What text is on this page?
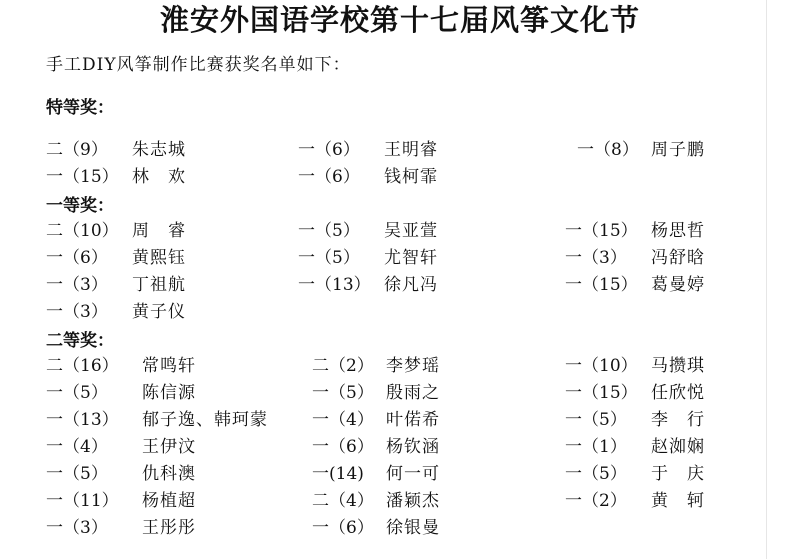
淮安外国语学校第十七届风筝文化节
手工DIY风筝制作比赛获奖名单如下：
特等奖：
二（9） 朱志城	一（6） 王明睿	一（8） 周子鹏
一（15） 林　欢	一（6） 钱柯霏
一等奖：
二（10） 周　睿	一（5） 吴亚萱	一（15） 杨思哲
一（6） 黄熙钰	一（5） 尤智轩	一（3） 冯舒晗
一（3） 丁祖航	一（13） 徐凡冯	一（15） 葛曼婷
一（3） 黄子仪
二等奖：
二（16） 常鸣轩	二（2） 李梦瑶	一（10） 马攒琪
一（5） 陈信源	一（5） 殷雨之	一（15） 任欣悦
一（13） 郁子逸、韩珂蒙	一（4） 叶偌希	一（5） 李　行
一（4） 王伊汶	一（6） 杨钦涵	一（1） 赵洳娴
一（5） 仇科澳	一(14) 何一可	一（5） 于　庆
一（11） 杨植超	二（4） 潘颖杰	一（2） 黄　轲
一（3） 王彤彤	一（6） 徐银曼
